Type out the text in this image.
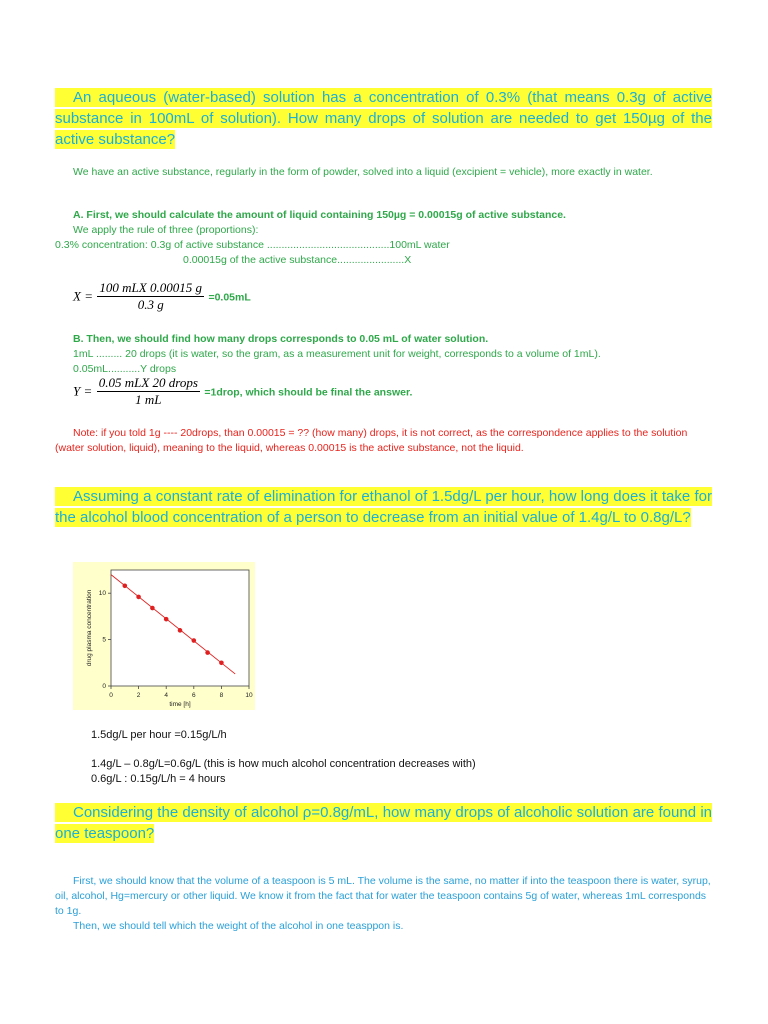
An aqueous (water-based) solution has a concentration of 0.3% (that means 0.3g of active substance in 100mL of solution). How many drops of solution are needed to get 150µg of the active substance?
We have an active substance, regularly in the form of powder, solved into a liquid (excipient = vehicle), more exactly in water.
A. First, we should calculate the amount of liquid containing 150µg = 0.00015g of active substance.
We apply the rule of three (proportions):
0.3% concentration: 0.3g of active substance ..........................................100mL water
0.00015g of the active substance.......................X
$X = \frac{\text{100 mLX 0.00015 g}}{0.3 g} =0.05mL$
B. Then, we should find how many drops corresponds to 0.05 mL of water solution.
1mL ......... 20 drops (it is water, so the gram, as a measurement unit for weight, corresponds to a volume of 1mL).
0.05mL...........Y drops
$Y = \frac{\text{0.05 mLX 20 drops}}{1 mL}$ =1drop, which should be final the answer.
Note: if you told 1g ---- 20drops, than 0.00015 = ?? (how many) drops, it is not correct, as the correspondence applies to the solution (water solution, liquid), meaning to the liquid, whereas 0.00015 is the active substance, not the liquid.
Assuming a constant rate of elimination for ethanol of 1.5dg/L per hour, how long does it take for the alcohol blood concentration of a person to decrease from an initial value of 1.4g/L to 0.8g/L?
0	2	4	6	8	10
0
5
10
time [h]
drug plasma concentration
1.5dg/L per hour =0.15g/L/h
1.4g/L – 0.8g/L=0.6g/L (this is how much alcohol concentration decreases with)
0.6g/L : 0.15g/L/h = 4 hours
Considering the density of alcohol ρ=0.8g/mL, how many drops of alcoholic solution are found in one teaspoon?
First, we should know that the volume of a teaspoon is 5 mL. The volume is the same, no matter if into the teaspoon there is water, syrup, oil, alcohol, Hg=mercury or other liquid. We know it from the fact that for water the teaspoon contains 5g of water, whereas 1mL corresponds to 1g.
Then, we should tell which the weight of the alcohol in one teasppon is.
